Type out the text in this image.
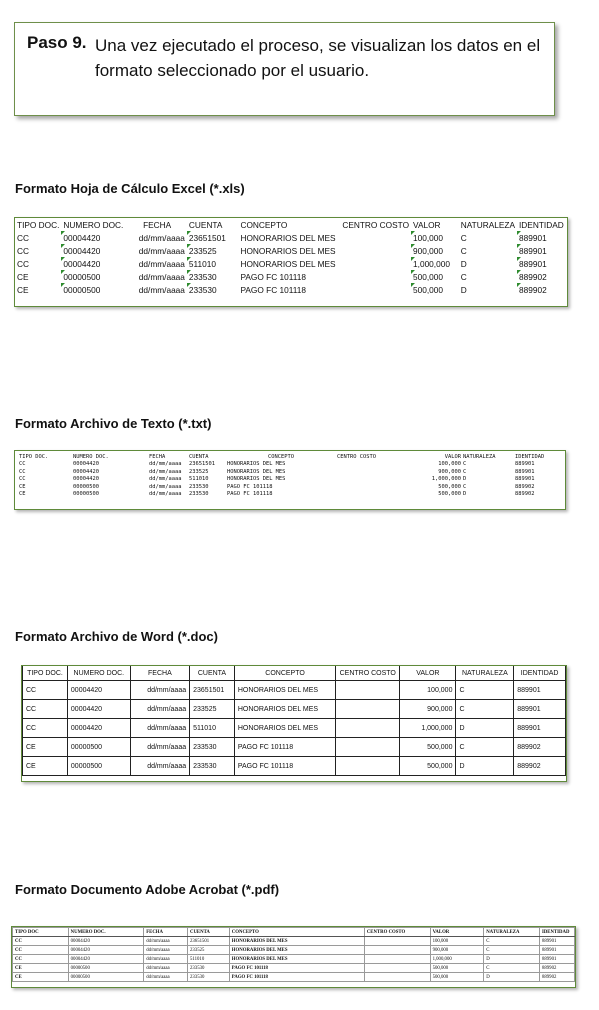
Paso 9. Una vez ejecutado el proceso, se visualizan los datos en el formato seleccionado por el usuario.
Formato Hoja de Cálculo Excel (*.xls)
TIPO DOC.	NUMERO DOC.	FECHA	CUENTA	CONCEPTO	CENTRO COSTO	VALOR	NATURALEZA	IDENTIDAD
CC	00004420	dd/mm/aaaa	23651501	HONORARIOS DEL MES		100,000	C	889901
CC	00004420	dd/mm/aaaa	233525	HONORARIOS DEL MES		900,000	C	889901
CC	00004420	dd/mm/aaaa	511010	HONORARIOS DEL MES		1,000,000	D	889901
CE	00000500	dd/mm/aaaa	233530	PAGO FC 101118		500,000	C	889902
CE	00000500	dd/mm/aaaa	233530	PAGO FC 101118		500,000	D	889902
Formato Archivo de Texto (*.txt)
TIPO DOC.	NUMERO DOC.	FECHA	CUENTA	CONCEPTO	CENTRO COSTO	VALOR	NATURALEZA	IDENTIDAD
CC	00004420	dd/mm/aaaa	23651501	HONORARIOS DEL MES		100,000	C	889901
CC	00004420	dd/mm/aaaa	233525	HONORARIOS DEL MES		900,000	C	889901
CC	00004420	dd/mm/aaaa	511010	HONORARIOS DEL MES		1,000,000	D	889901
CE	00000500	dd/mm/aaaa	233530	PAGO FC 101118		500,000	C	889902
CE	00000500	dd/mm/aaaa	233530	PAGO FC 101118		500,000	D	889902
Formato Archivo de Word (*.doc)
TIPO DOC.	NUMERO DOC.	FECHA	CUENTA	CONCEPTO	CENTRO COSTO	VALOR	NATURALEZA	IDENTIDAD
CC	00004420	dd/mm/aaaa	23651501	HONORARIOS DEL MES		100,000	C	889901
CC	00004420	dd/mm/aaaa	233525	HONORARIOS DEL MES		900,000	C	889901
CC	00004420	dd/mm/aaaa	511010	HONORARIOS DEL MES		1,000,000	D	889901
CE	00000500	dd/mm/aaaa	233530	PAGO FC 101118		500,000	C	889902
CE	00000500	dd/mm/aaaa	233530	PAGO FC 101118		500,000	D	889902
Formato Documento Adobe Acrobat (*.pdf)
TIPO DOC	NUMERO DOC.	FECHA	CUENTA	CONCEPTO	CENTRO COSTO	VALOR	NATURALEZA	IDENTIDAD
CC	00004420	dd/mm/aaaa	23651501	HONORARIOS DEL MES		100,000	C	889901
CC	00004420	dd/mm/aaaa	233525	HONORARIOS DEL MES		900,000	C	889901
CC	00004420	dd/mm/aaaa	511010	HONORARIOS DEL MES		1,000,000	D	889901
CE	00000500	dd/mm/aaaa	233530	PAGO FC 101118		500,000	C	889902
CE	00000500	dd/mm/aaaa	233530	PAGO FC 101118		500,000	D	889902
